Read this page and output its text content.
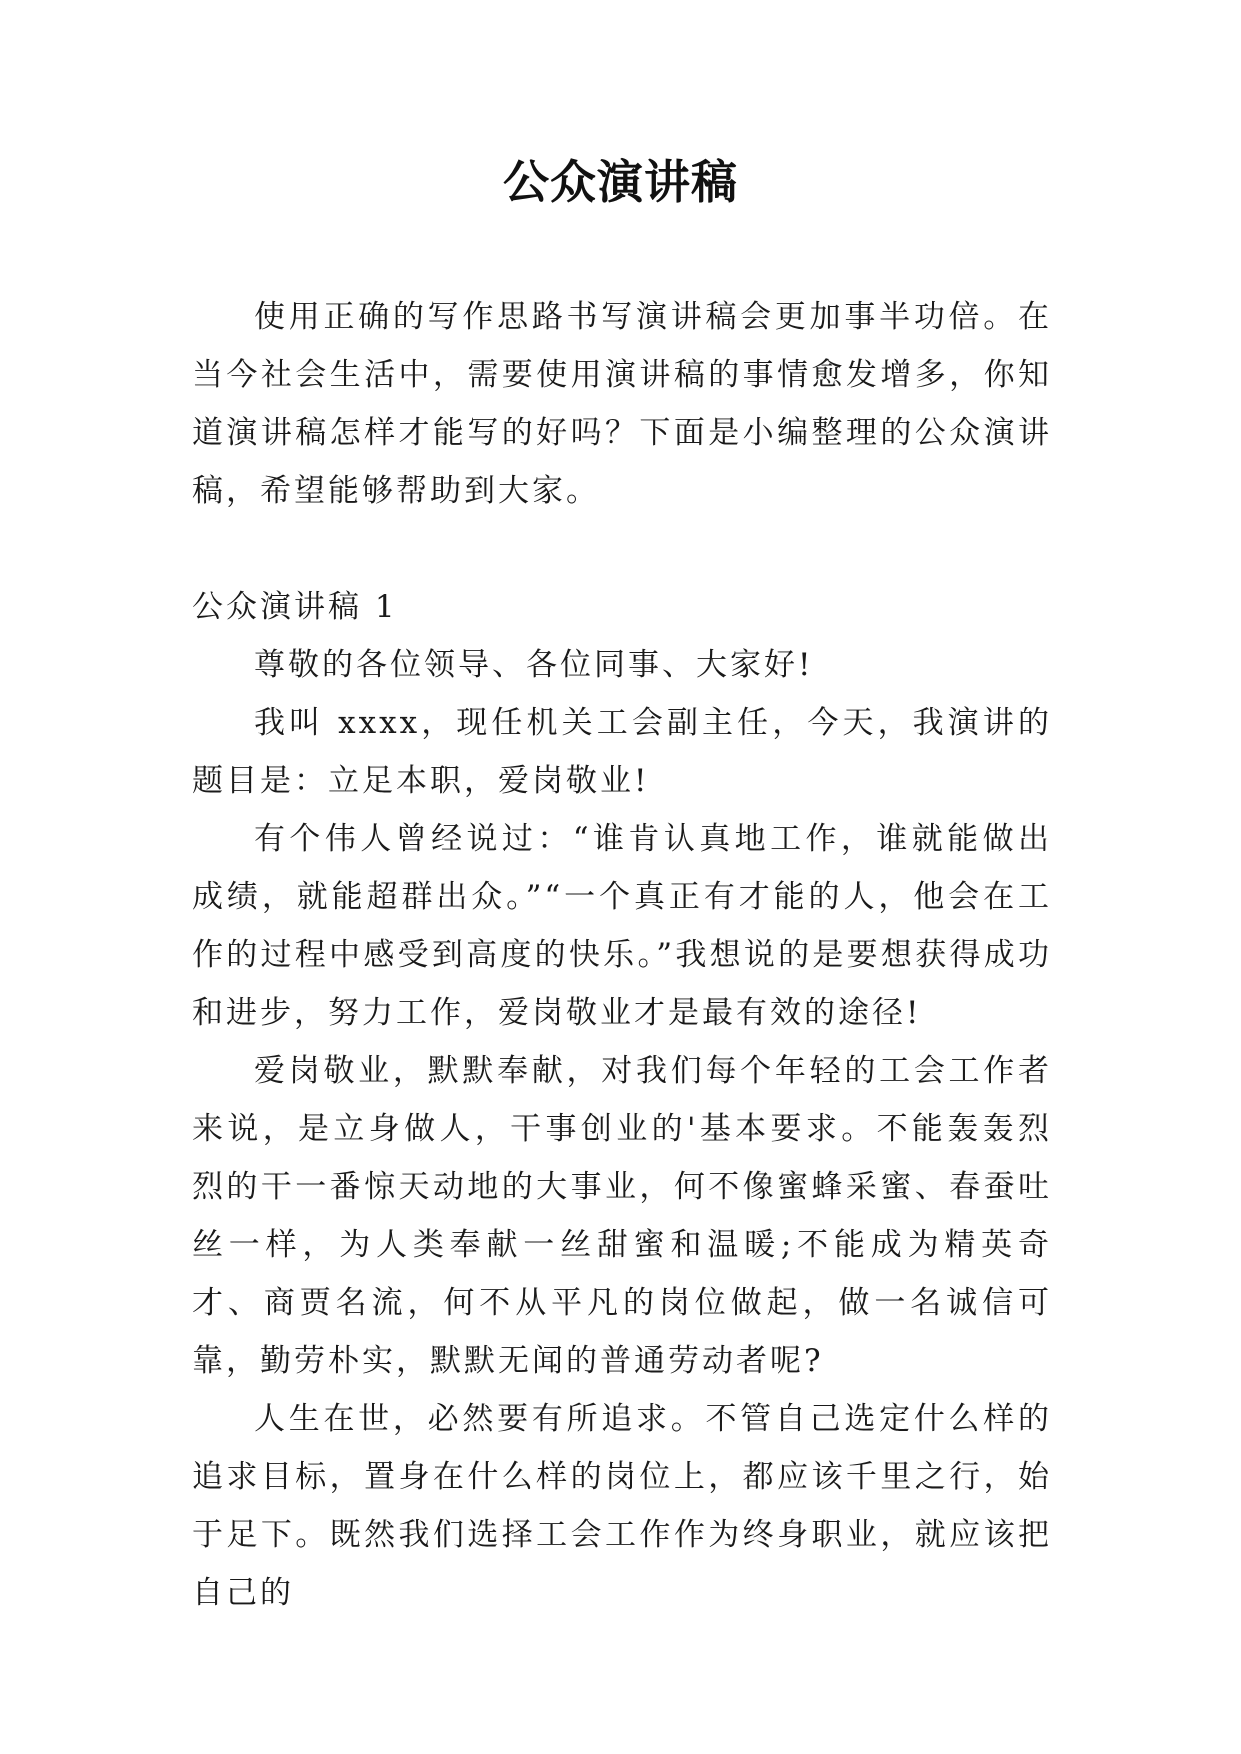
公众演讲稿

使用正确的写作思路书写演讲稿会更加事半功倍。在当今社会生活中，需要使用演讲稿的事情愈发增多，你知道演讲稿怎样才能写的好吗？下面是小编整理的公众演讲稿，希望能够帮助到大家。

公众演讲稿 1

尊敬的各位领导、各位同事、大家好!

我叫 xxxx，现任机关工会副主任，今天，我演讲的题目是：立足本职，爱岗敬业!

有个伟人曾经说过：“谁肯认真地工作，谁就能做出成绩，就能超群出众。”“一个真正有才能的人，他会在工作的过程中感受到高度的快乐。”我想说的是要想获得成功和进步，努力工作，爱岗敬业才是最有效的途径!

爱岗敬业，默默奉献，对我们每个年轻的工会工作者来说，是立身做人，干事创业的'基本要求。不能轰轰烈烈的干一番惊天动地的大事业，何不像蜜蜂采蜜、春蚕吐丝一样，为人类奉献一丝甜蜜和温暖;不能成为精英奇才、商贾名流，何不从平凡的岗位做起，做一名诚信可靠，勤劳朴实，默默无闻的普通劳动者呢?

人生在世，必然要有所追求。不管自己选定什么样的追求目标，置身在什么样的岗位上，都应该千里之行，始于足下。既然我们选择工会工作作为终身职业，就应该把自己的
